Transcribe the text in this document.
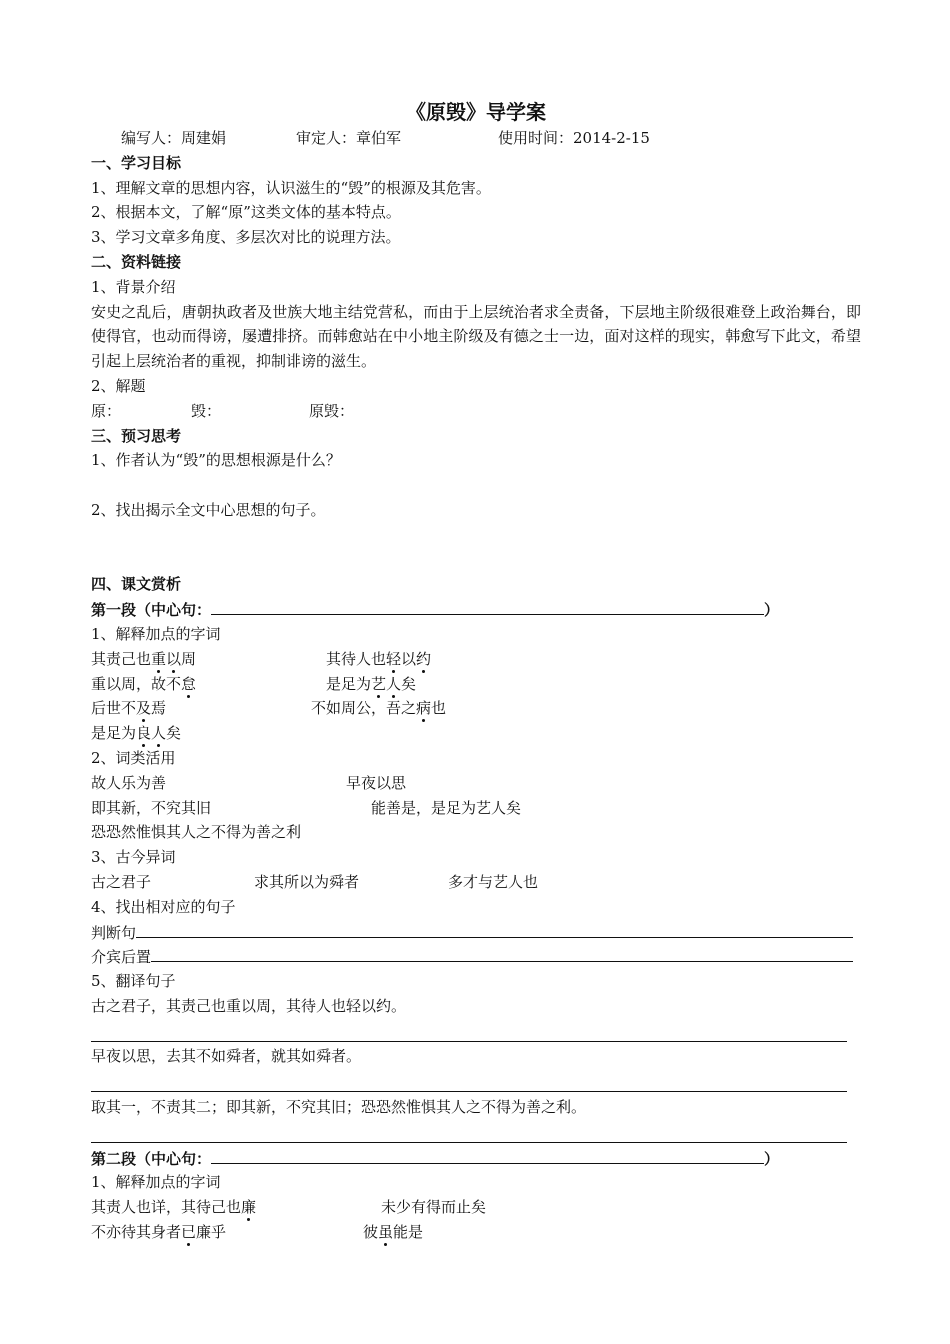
《原毁》导学案
编写人：周建娟	审定人：章伯军	使用时间：2014-2-15
一、学习目标
1、理解文章的思想内容，认识滋生的“毁”的根源及其危害。
2、根据本文，了解“原”这类文体的基本特点。
3、学习文章多角度、多层次对比的说理方法。
二、资料链接
1、背景介绍

安史之乱后，唐朝执政者及世族大地主结党营私，而由于上层统治者求全责备，下层地主阶级很难登上政治舞台，即使得官，也动而得谤，屡遭排挤。而韩愈站在中小地主阶级及有德之士一边，面对这样的现实，韩愈写下此文，希望引起上层统治者的重视，抑制诽谤的滋生。

2、解题
原：	毁：	原毁：
三、预习思考
1、作者认为“毁”的思想根源是什么？
2、找出揭示全文中心思想的句子。
四、课文赏析
第一段（中心句：	）
1、解释加点的字词
其责己也重以周	其待人也轻以约
重以周，故不怠	是足为艺人矣
后世不及焉	不如周公，吾之病也
是足为良人矣
2、词类活用
故人乐为善	早夜以思
即其新，不究其旧	能善是，是足为艺人矣
恐恐然惟惧其人之不得为善之利
3、古今异词
古之君子	求其所以为舜者	多才与艺人也
4、找出相对应的句子
判断句
介宾后置
5、翻译句子
古之君子，其责己也重以周，其待人也轻以约。
早夜以思，去其不如舜者，就其如舜者。
取其一，不责其二；即其新，不究其旧；恐恐然惟惧其人之不得为善之利。
第二段（中心句：	）
1、解释加点的字词
其责人也详，其待己也廉	未少有得而止矣
不亦待其身者已廉乎	彼虽能是
